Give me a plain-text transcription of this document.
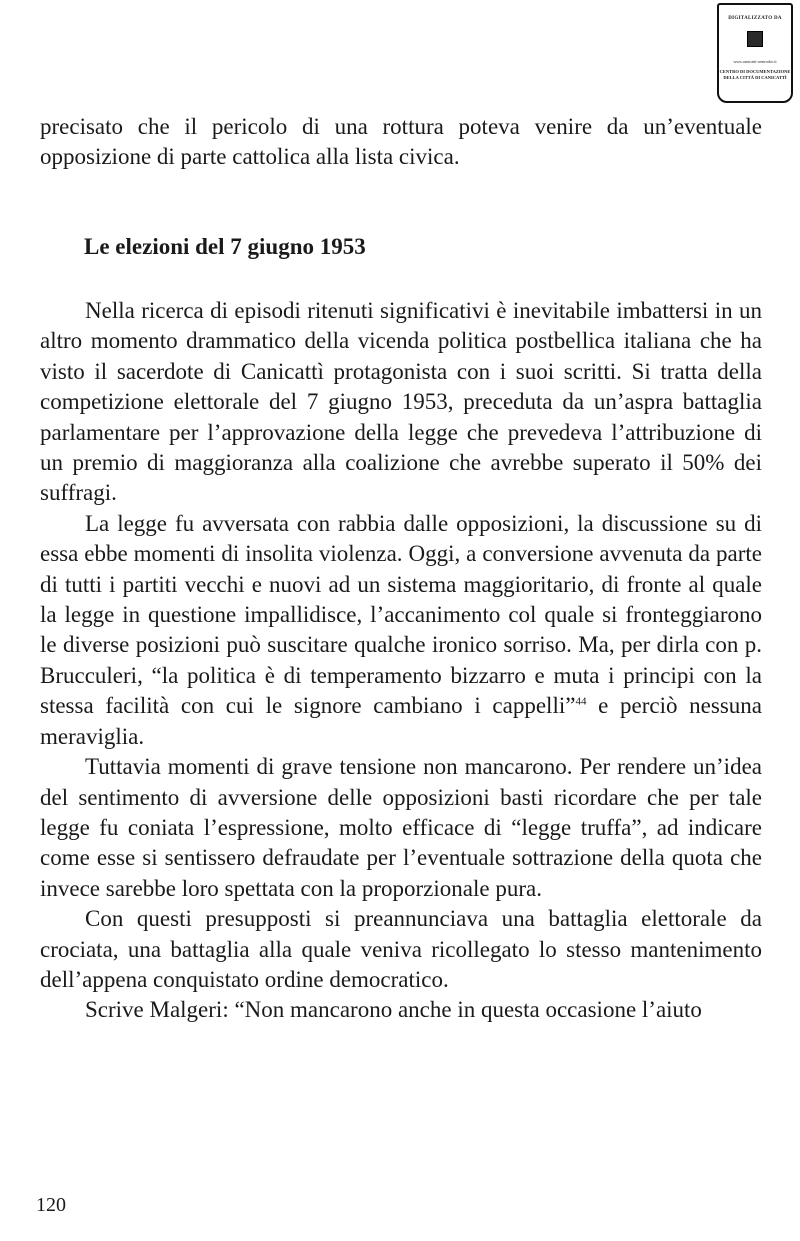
DIGITALIZZATO DA
www.canicatti-centrodoc.it
CENTRO DI DOCUMENTAZIONE
DELLA CITTÀ DI CANICATTÌ

precisato che il pericolo di una rottura poteva venire da un’eventuale opposizione di parte cattolica alla lista civica.

Le elezioni del 7 giugno 1953

Nella ricerca di episodi ritenuti significativi è inevitabile imbattersi in un altro momento drammatico della vicenda politica postbellica italiana che ha visto il sacerdote di Canicattì protagonista con i suoi scritti. Si tratta della competizione elettorale del 7 giugno 1953, preceduta da un’aspra battaglia parlamentare per l’approvazione della legge che prevedeva l’attribuzione di un premio di maggioranza alla coalizione che avrebbe superato il 50% dei suffragi.

La legge fu avversata con rabbia dalle opposizioni, la discussione su di essa ebbe momenti di insolita violenza. Oggi, a conversione avvenuta da parte di tutti i partiti vecchi e nuovi ad un sistema maggioritario, di fronte al quale la legge in questione impallidisce, l’accanimento col quale si fronteggiarono le diverse posizioni può suscitare qualche ironico sorriso. Ma, per dirla con p. Brucculeri, “la politica è di temperamento bizzarro e muta i principi con la stessa facilità con cui le signore cambiano i cappelli”$^{44}$ e perciò nessuna meraviglia.

Tuttavia momenti di grave tensione non mancarono. Per rendere un’idea del sentimento di avversione delle opposizioni basti ricordare che per tale legge fu coniata l’espressione, molto efficace di “legge truffa”, ad indicare come esse si sentissero defraudate per l’eventuale sottrazione della quota che invece sarebbe loro spettata con la proporzionale pura.

Con questi presupposti si preannunciava una battaglia elettorale da crociata, una battaglia alla quale veniva ricollegato lo stesso mantenimento dell’appena conquistato ordine democratico.

Scrive Malgeri: “Non mancarono anche in questa occasione l’aiuto

120
